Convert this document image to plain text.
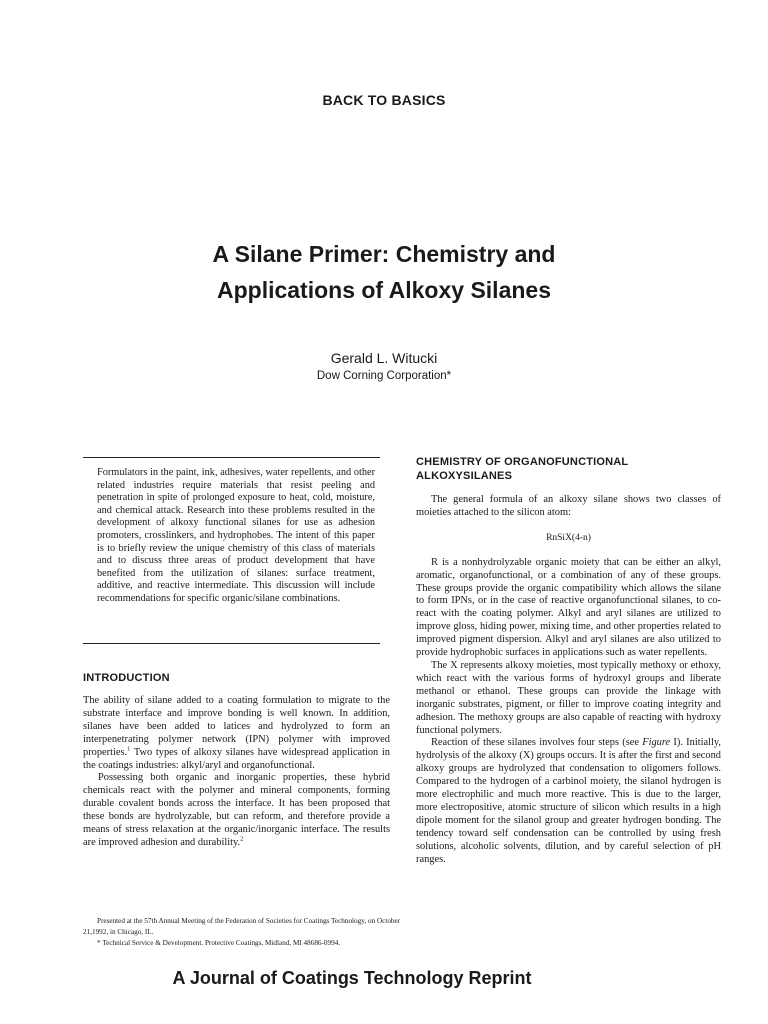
BACK TO BASICS
A Silane Primer: Chemistry and
Applications of Alkoxy Silanes
Gerald L. Witucki
Dow Corning Corporation*
Formulators in the paint, ink, adhesives, water repellents, and other related industries require materials that resist peeling and penetration in spite of prolonged exposure to heat, cold, moisture, and chemical attack. Research into these problems resulted in the development of alkoxy functional silanes for use as adhesion promoters, crosslinkers, and hydrophobes. The intent of this paper is to briefly review the unique chemistry of this class of materials and to discuss three areas of product development that have benefited from the utilization of silanes: surface treatment, additive, and reactive intermediate. This discussion will include recommendations for specific organic/silane combinations.
INTRODUCTION

The ability of silane added to a coating formulation to migrate to the substrate interface and improve bonding is well known. In addition, silanes have been added to latices and hydrolyzed to form an interpenetrating polymer network (IPN) polymer with improved properties.$^1$ Two types of alkoxy silanes have widespread application in the coatings industries: alkyl/aryl and organofunctional.

Possessing both organic and inorganic properties, these hybrid chemicals react with the polymer and mineral components, forming durable covalent bonds across the interface. It has been proposed that these bonds are hydrolyzable, but can reform, and therefore provide a means of stress relaxation at the organic/inorganic interface. The results are improved adhesion and durability.$^2$

Presented at the 57th Annual Meeting of the Federation of Societies for Coatings Technology, on October 21,1992, in Chicago, IL.
* Technical Service & Development. Protective Coatings, Midland, MI 48686-0994.
CHEMISTRY OF ORGANOFUNCTIONAL
ALKOXYSILANES

The general formula of an alkoxy silane shows two classes of moieties attached to the silicon atom:

RnSiX(4-n)

R is a nonhydrolyzable organic moiety that can be either an alkyl, aromatic, organofunctional, or a combination of any of these groups. These groups provide the organic compatibility which allows the silane to form IPNs, or in the case of reactive organofunctional silanes, to co-react with the coating polymer. Alkyl and aryl silanes are utilized to improve gloss, hiding power, mixing time, and other properties related to improved pigment dispersion. Alkyl and aryl silanes are also utilized to provide hydrophobic surfaces in applications such as water repellents.

The X represents alkoxy moieties, most typically methoxy or ethoxy, which react with the various forms of hydroxyl groups and liberate methanol or ethanol. These groups can provide the linkage with inorganic substrates, pigment, or filler to improve coating integrity and adhesion. The methoxy groups are also capable of reacting with hydroxy functional polymers.

Reaction of these silanes involves four steps (see Figure I). Initially, hydrolysis of the alkoxy (X) groups occurs. It is after the first and second alkoxy groups are hydrolyzed that condensation to oligomers follows. Compared to the hydrogen of a carbinol moiety, the silanol hydrogen is more electrophilic and much more reactive. This is due to the larger, more electropositive, atomic structure of silicon which results in a high dipole moment for the silanol group and greater hydrogen bonding. The tendency toward self condensation can be controlled by using fresh solutions, alcoholic solvents, dilution, and by careful selection of pH ranges.

A Journal of Coatings Technology Reprint
